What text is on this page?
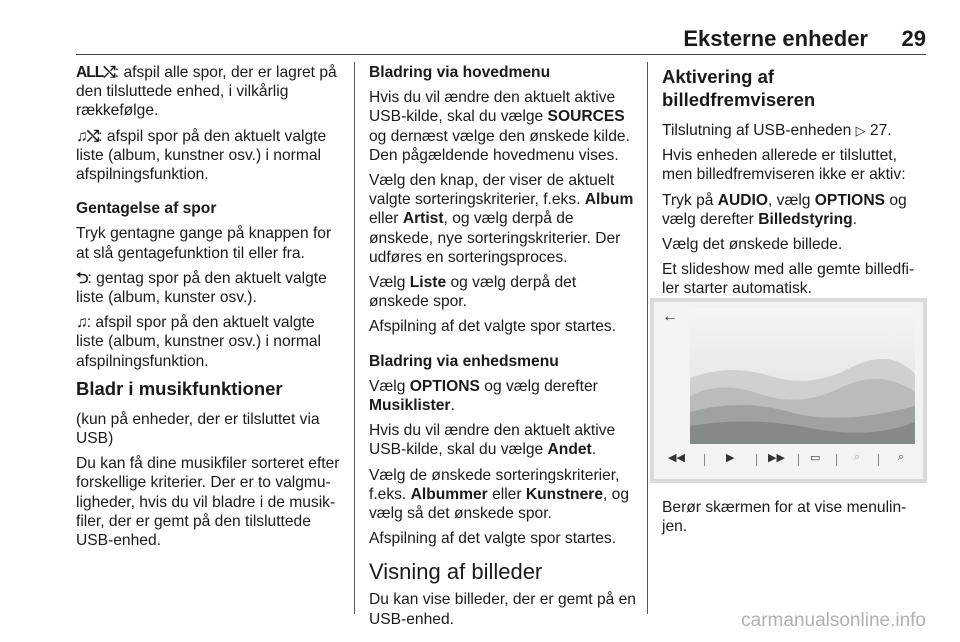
Eksterne enheder 29

ALL⤭: afspil alle spor, der er lagret på den tilsluttede enhed, i vilkårlig rækkefølge.

♫⤭: afspil spor på den aktuelt valgte liste (album, kunstner osv.) i normal afspilningsfunktion.

Gentagelse af spor

Tryk gentagne gange på knappen for at slå gentagefunktion til eller fra.

⮌: gentag spor på den aktuelt valgte liste (album, kunster osv.).

♫: afspil spor på den aktuelt valgte liste (album, kunstner osv.) i normal afspilningsfunktion.

Bladr i musikfunktioner

(kun på enheder, der er tilsluttet via USB)

Du kan få dine musikfiler sorteret efter forskellige kriterier. Der er to valgmu- ligheder, hvis du vil bladre i de musik- filer, der er gemt på den tilsluttede USB-enhed.

Bladring via hovedmenu

Hvis du vil ændre den aktuelt aktive USB-kilde, skal du vælge SOURCES og dernæst vælge den ønskede kilde. Den pågældende hovedmenu vises.

Vælg den knap, der viser de aktuelt valgte sorteringskriterier, f.eks. Album eller Artist, og vælg derpå de ønskede, nye sorteringskriterier. Der udføres en sorteringsproces.

Vælg Liste og vælg derpå det ønskede spor.

Afspilning af det valgte spor startes.

Bladring via enhedsmenu

Vælg OPTIONS og vælg derefter Musiklister.

Hvis du vil ændre den aktuelt aktive USB-kilde, skal du vælge Andet.

Vælg de ønskede sorteringskriterier, f.eks. Albummer eller Kunstnere, og vælg så det ønskede spor.

Afspilning af det valgte spor startes.

Visning af billeder

Du kan vise billeder, der er gemt på en USB-enhed.

Aktivering af billedfremviseren

Tilslutning af USB-enheden ▷ 27.

Hvis enheden allerede er tilsluttet, men billedfremviseren ikke er aktiv:

Tryk på AUDIO, vælg OPTIONS og vælg derefter Billedstyring.

Vælg det ønskede billede.

Et slideshow med alle gemte billedfi- ler starter automatisk.

←
◀◀	▶	▶▶ ▭	⌕	⌕

Berør skærmen for at vise menulin- jen.

carmanualsonline.info
